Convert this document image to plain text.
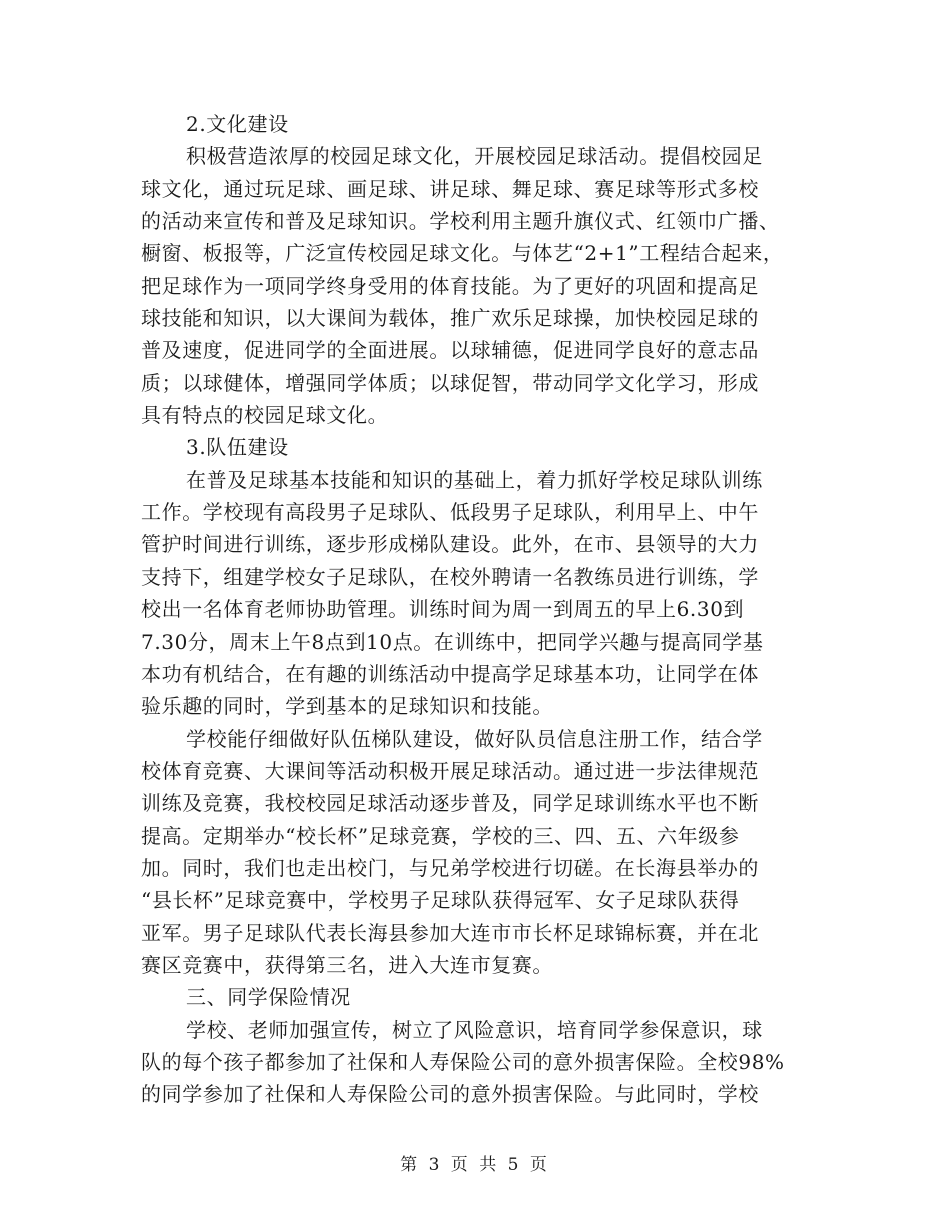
2.文化建设
积极营造浓厚的校园足球文化，开展校园足球活动。提倡校园足
球文化，通过玩足球、画足球、讲足球、舞足球、赛足球等形式多校
的活动来宣传和普及足球知识。学校利用主题升旗仪式、红领巾广播、
橱窗、板报等，广泛宣传校园足球文化。与体艺“2+1”工程结合起来，
把足球作为一项同学终身受用的体育技能。为了更好的巩固和提高足
球技能和知识，以大课间为载体，推广欢乐足球操，加快校园足球的
普及速度，促进同学的全面进展。以球辅德，促进同学良好的意志品
质；以球健体，增强同学体质；以球促智，带动同学文化学习，形成
具有特点的校园足球文化。
3.队伍建设
在普及足球基本技能和知识的基础上，着力抓好学校足球队训练
工作。学校现有高段男子足球队、低段男子足球队，利用早上、中午
管护时间进行训练，逐步形成梯队建设。此外，在市、县领导的大力
支持下，组建学校女子足球队，在校外聘请一名教练员进行训练，学
校出一名体育老师协助管理。训练时间为周一到周五的早上6.30到
7.30分，周末上午8点到10点。在训练中，把同学兴趣与提高同学基
本功有机结合，在有趣的训练活动中提高学足球基本功，让同学在体
验乐趣的同时，学到基本的足球知识和技能。
学校能仔细做好队伍梯队建设，做好队员信息注册工作，结合学
校体育竞赛、大课间等活动积极开展足球活动。通过进一步法律规范
训练及竞赛，我校校园足球活动逐步普及，同学足球训练水平也不断
提高。定期举办“校长杯”足球竞赛，学校的三、四、五、六年级参
加。同时，我们也走出校门，与兄弟学校进行切磋。在长海县举办的
“县长杯”足球竞赛中，学校男子足球队获得冠军、女子足球队获得
亚军。男子足球队代表长海县参加大连市市长杯足球锦标赛，并在北
赛区竞赛中，获得第三名，进入大连市复赛。
三、同学保险情况
学校、老师加强宣传，树立了风险意识，培育同学参保意识，球
队的每个孩子都参加了社保和人寿保险公司的意外损害保险。全校98%
的同学参加了社保和人寿保险公司的意外损害保险。与此同时，学校
第 3 页 共 5 页
